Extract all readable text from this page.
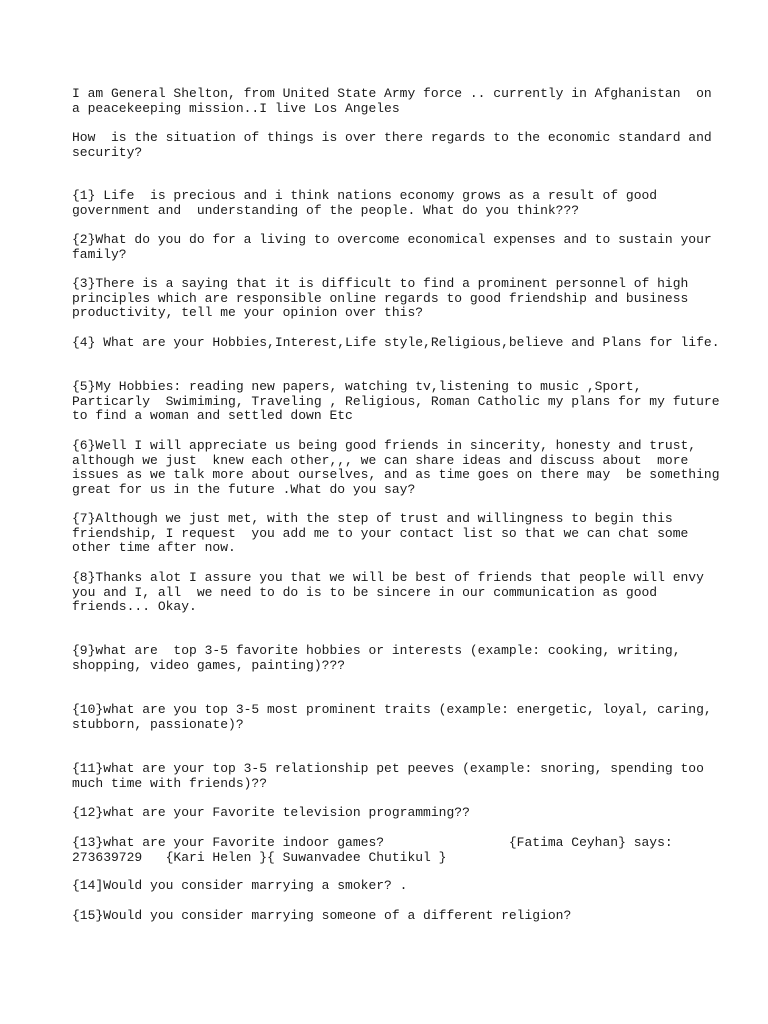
I am General Shelton, from United State Army force .. currently in Afghanistan  on
a peacekeeping mission..I live Los Angeles

How  is the situation of things is over there regards to the economic standard and
security?

{1} Life  is precious and i think nations economy grows as a result of good
government and  understanding of the people. What do you think???

{2}What do you do for a living to overcome economical expenses and to sustain your
family?

{3}There is a saying that it is difficult to find a prominent personnel of high
principles which are responsible online regards to good friendship and business
productivity, tell me your opinion over this?

{4} What are your Hobbies,Interest,Life style,Religious,believe and Plans for life.

{5}My Hobbies: reading new papers, watching tv,listening to music ,Sport,
Particarly  Swimiming, Traveling , Religious, Roman Catholic my plans for my future
to find a woman and settled down Etc

{6}Well I will appreciate us being good friends in sincerity, honesty and trust,
although we just  knew each other,,, we can share ideas and discuss about  more
issues as we talk more about ourselves, and as time goes on there may  be something
great for us in the future .What do you say?

{7}Although we just met, with the step of trust and willingness to begin this
friendship, I request  you add me to your contact list so that we can chat some
other time after now.

{8}Thanks alot I assure you that we will be best of friends that people will envy
you and I, all  we need to do is to be sincere in our communication as good
friends... Okay.

{9}what are  top 3-5 favorite hobbies or interests (example: cooking, writing,
shopping, video games, painting)???

{10}what are you top 3-5 most prominent traits (example: energetic, loyal, caring,
stubborn, passionate)?

{11}what are your top 3-5 relationship pet peeves (example: snoring, spending too
much time with friends)??

{12}what are your Favorite television programming??

{13}what are your Favorite indoor games?                {Fatima Ceyhan} says:
273639729   {Kari Helen }{ Suwanvadee Chutikul }

{14]Would you consider marrying a smoker? .

{15}Would you consider marrying someone of a different religion?
